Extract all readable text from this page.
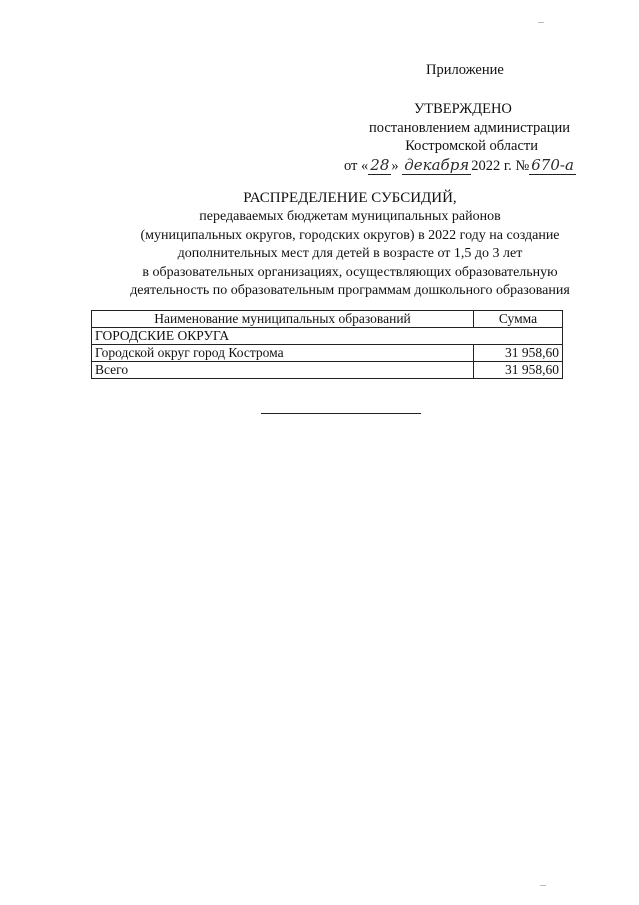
Приложение
УТВЕРЖДЕНО
постановлением администрации
Костромской области
от « 28 » декабря 2022 г. № 670-а
РАСПРЕДЕЛЕНИЕ СУБСИДИЙ,
передаваемых бюджетам муниципальных районов
(муниципальных округов, городских округов) в 2022 году на создание
дополнительных мест для детей в возрасте от 1,5 до 3 лет
в образовательных организациях, осуществляющих образовательную
деятельность по образовательным программам дошкольного образования
Наименование муниципальных образований	Сумма
ГОРОДСКИЕ ОКРУГА	
Городской округ город Кострома	31 958,60
Всего	31 958,60
